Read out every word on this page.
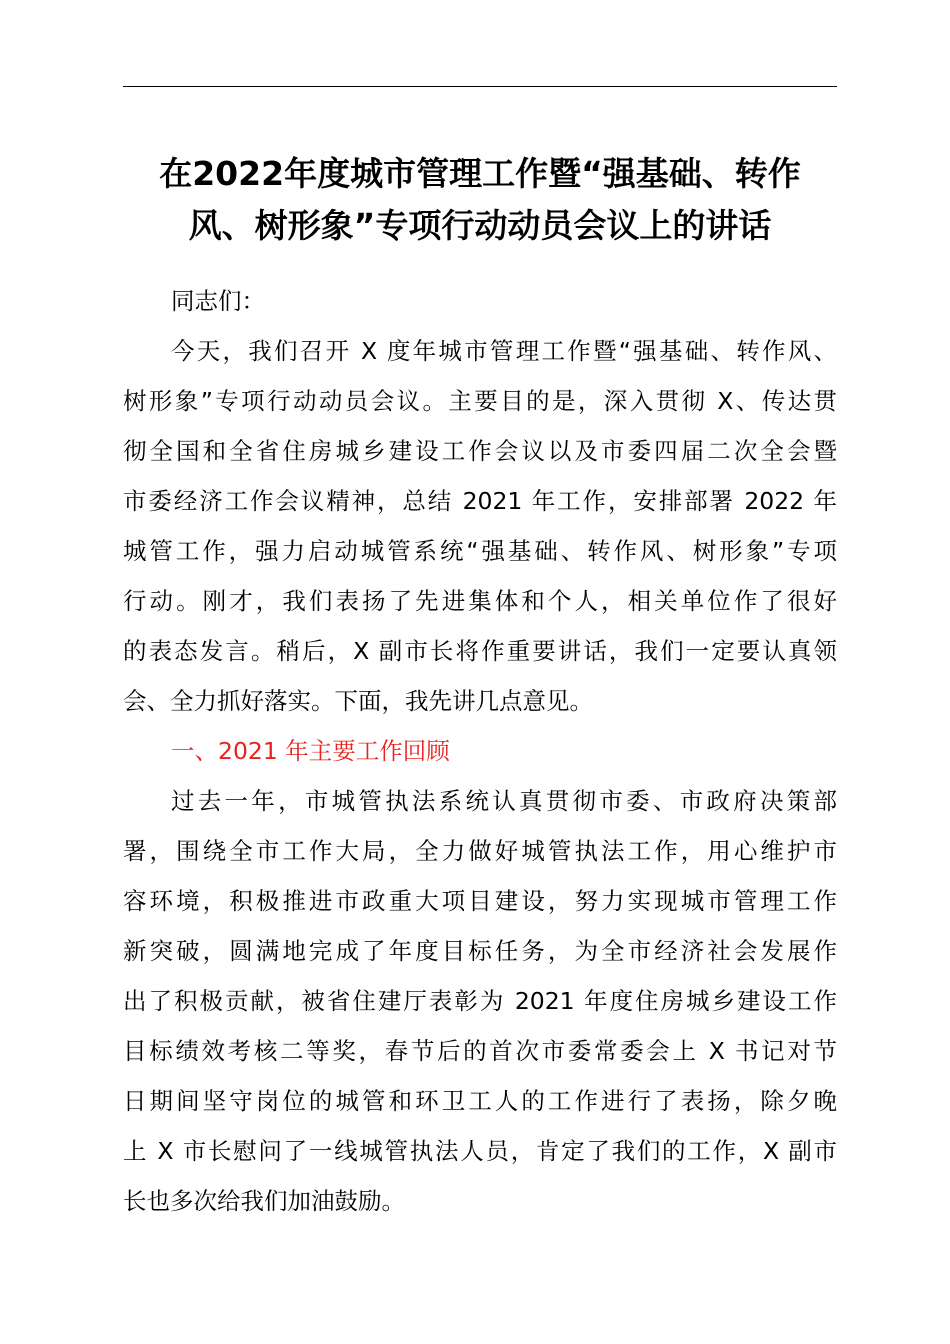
在2022年度城市管理工作暨“强基础、转作
风、树形象”专项行动动员会议上的讲话
同志们：
今天，我们召开 X 度年城市管理工作暨“强基础、转作风、
树形象”专项行动动员会议。主要目的是，深入贯彻 X、传达贯
彻全国和全省住房城乡建设工作会议以及市委四届二次全会暨
市委经济工作会议精神，总结 2021 年工作，安排部署 2022 年
城管工作，强力启动城管系统“强基础、转作风、树形象”专项
行动。刚才，我们表扬了先进集体和个人，相关单位作了很好
的表态发言。稍后，X 副市长将作重要讲话，我们一定要认真领
会、全力抓好落实。下面，我先讲几点意见。
一、2021 年主要工作回顾
过去一年，市城管执法系统认真贯彻市委、市政府决策部
署，围绕全市工作大局，全力做好城管执法工作，用心维护市
容环境，积极推进市政重大项目建设，努力实现城市管理工作
新突破，圆满地完成了年度目标任务，为全市经济社会发展作
出了积极贡献，被省住建厅表彰为 2021 年度住房城乡建设工作
目标绩效考核二等奖，春节后的首次市委常委会上 X 书记对节
日期间坚守岗位的城管和环卫工人的工作进行了表扬，除夕晚
上 X 市长慰问了一线城管执法人员，肯定了我们的工作，X 副市
长也多次给我们加油鼓励。
